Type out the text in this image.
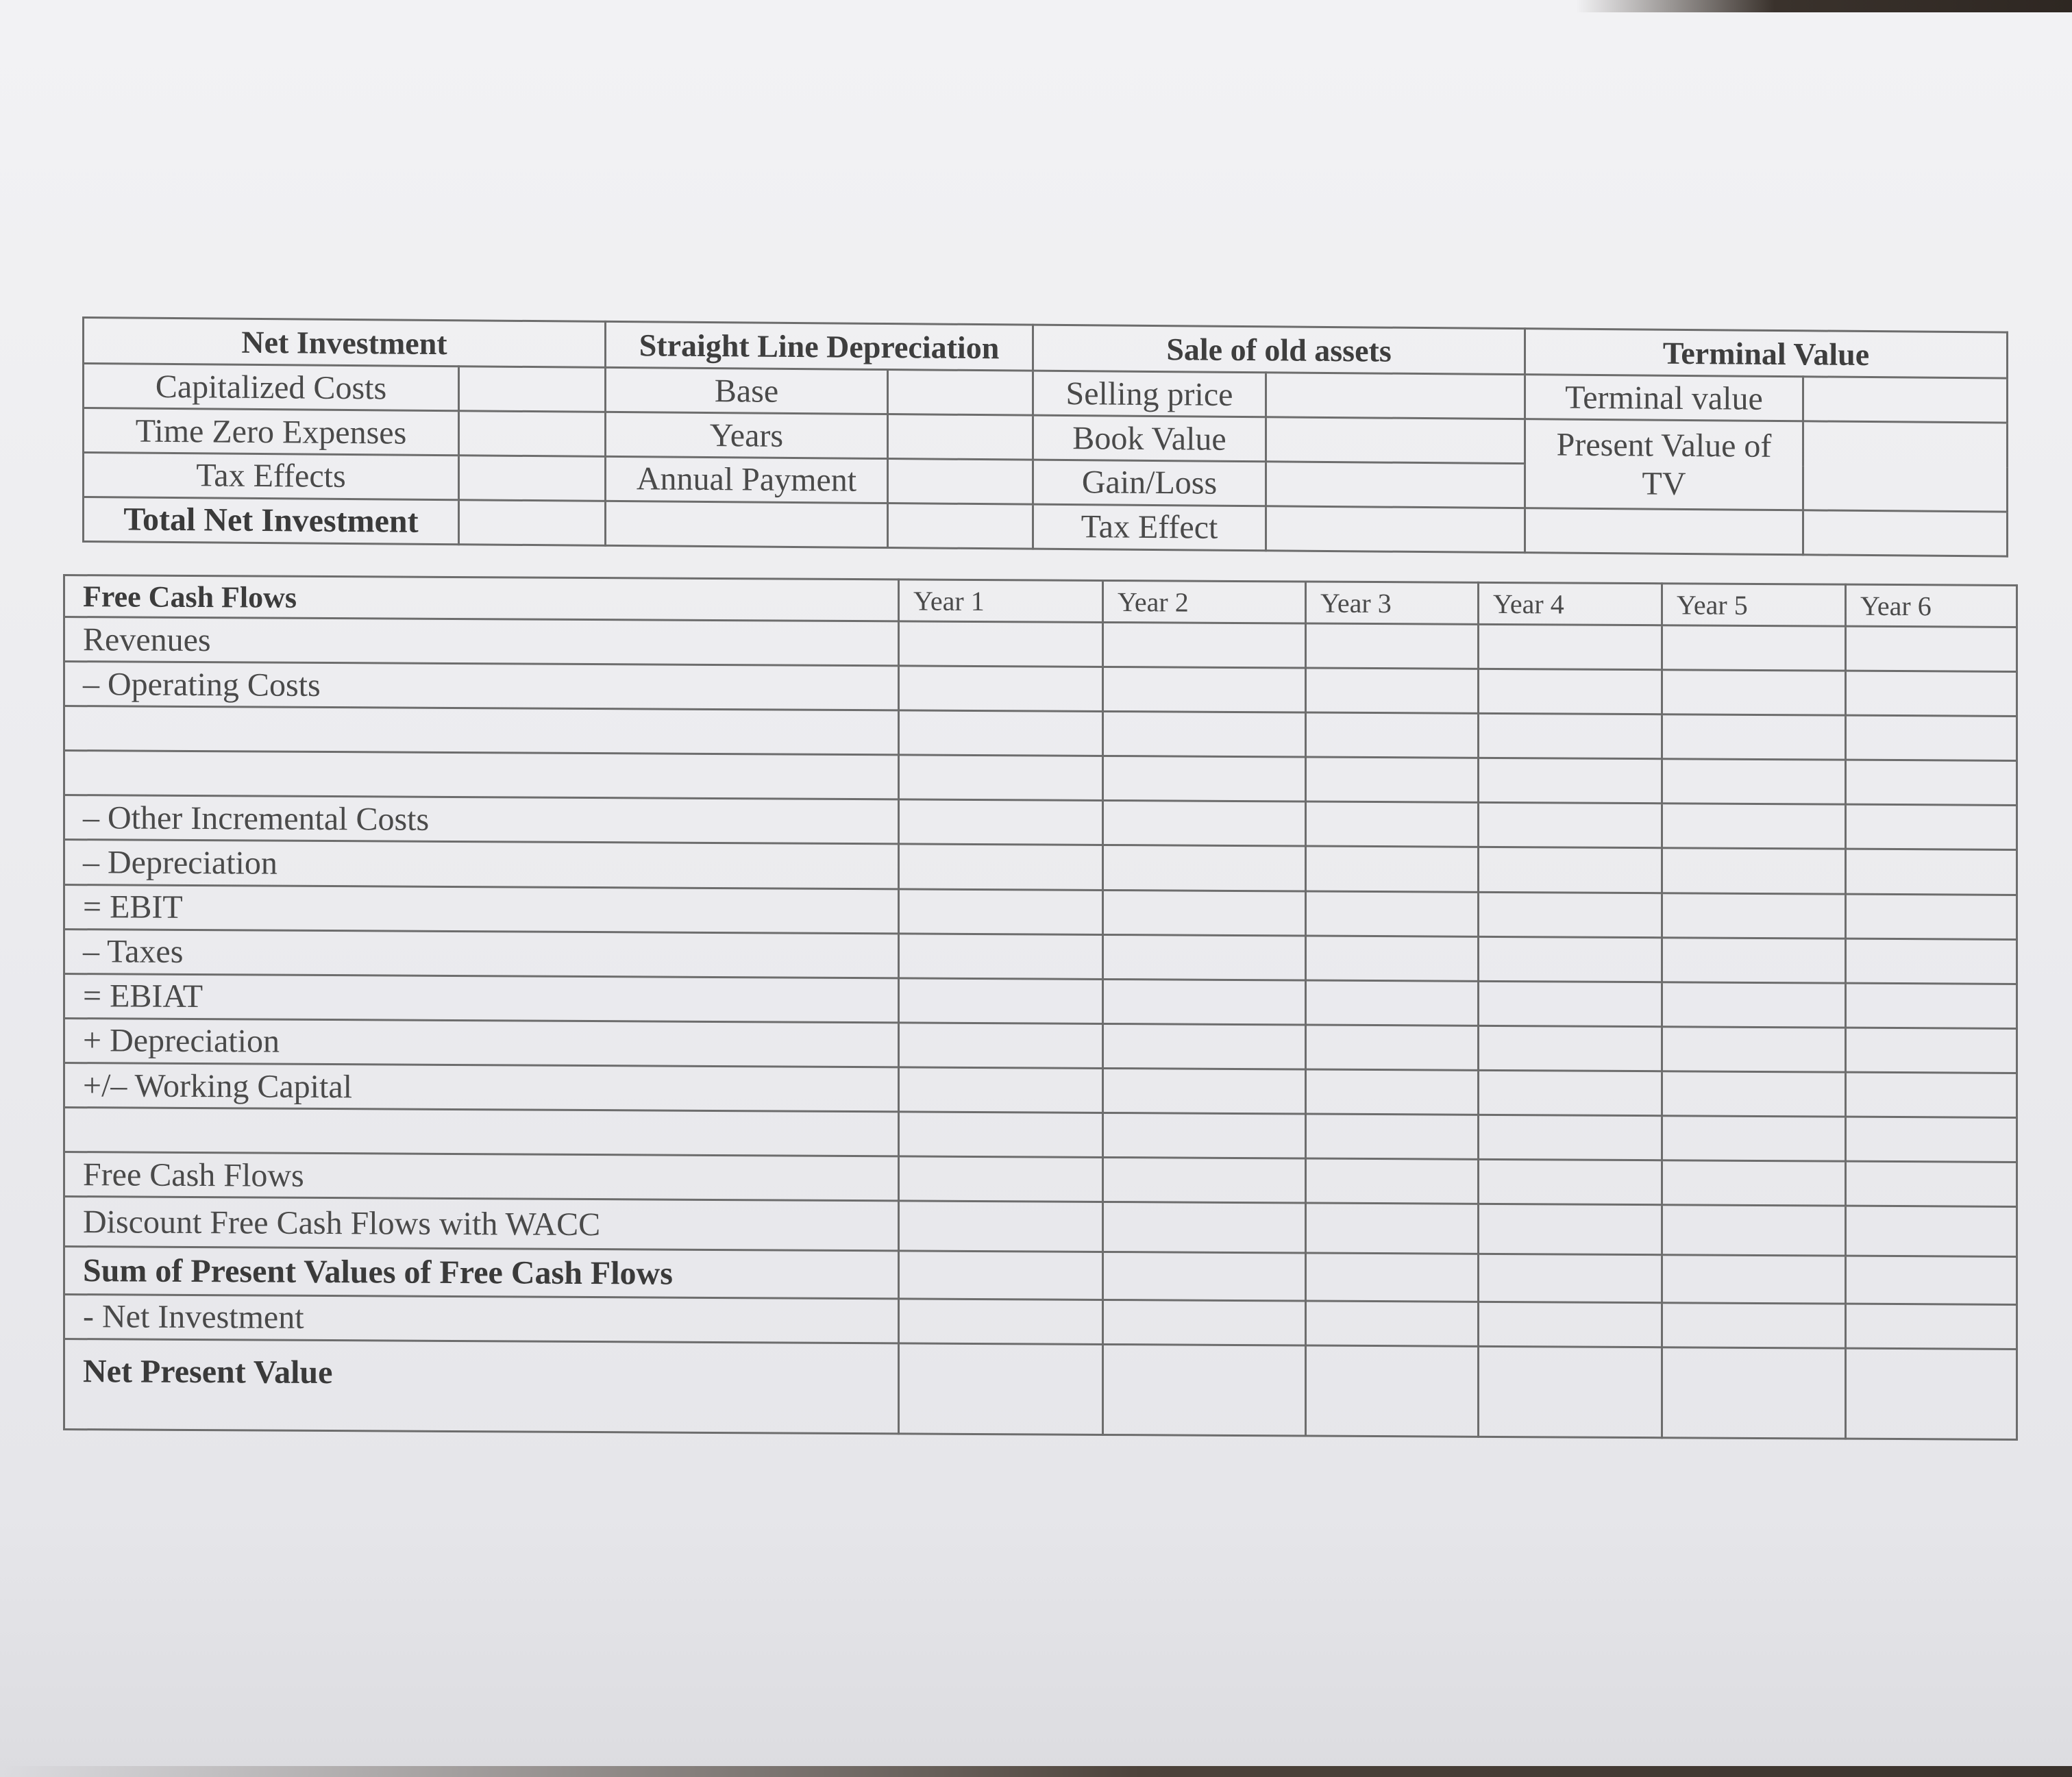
Net Investment		Straight Line Depreciation		Sale of old assets		Terminal Value	
Capitalized Costs		Base		Selling price		Terminal value	
Time Zero Expenses		Years		Book Value		Present Value of TV	
Tax Effects		Annual Payment		Gain/Loss			
Total Net Investment				Tax Effect			
Free Cash Flows	Year 1	Year 2	Year 3	Year 4	Year 5	Year 6
Revenues						
– Operating Costs						

– Other Incremental Costs						
– Depreciation						
= EBIT						
– Taxes						
= EBIAT						
+ Depreciation						
+/– Working Capital						

Free Cash Flows						
Discount Free Cash Flows with WACC						
Sum of Present Values of Free Cash Flows						
- Net Investment						
Net Present Value						
